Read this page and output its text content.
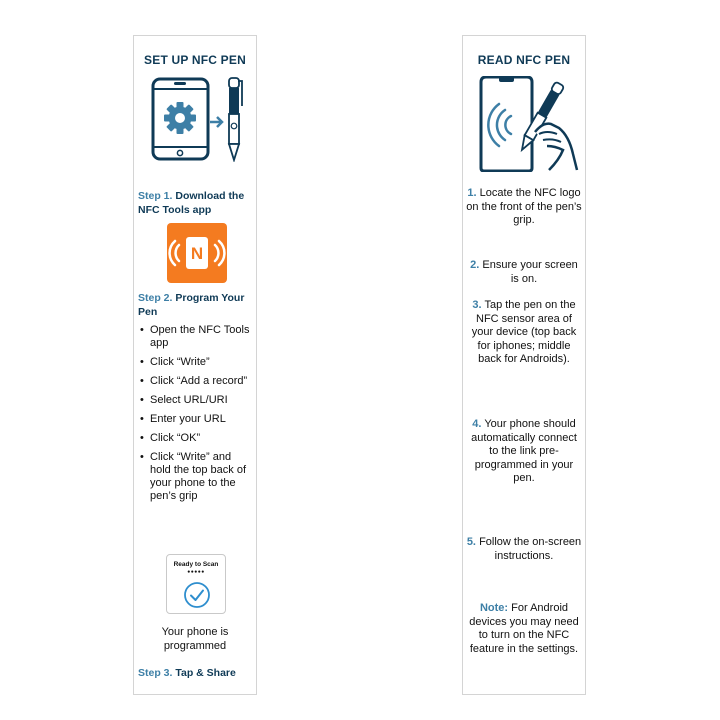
SET UP NFC PEN
Step 1. Download the NFC Tools app
N
Step 2. Program Your Pen
• Open the NFC Tools app
• Click “Write”
• Click “Add a record”
• Select URL/URI
• Enter your URL
• Click “OK”
• Click “Write” and hold the top back of your phone to the pen’s grip
Ready to Scan
●●●●●
Your phone is programmed
Step 3. Tap & Share
READ NFC PEN
1. Locate the NFC logo on the front of the pen’s grip.
2. Ensure your screen is on.
3. Tap the pen on the NFC sensor area of your device (top back for iphones; middle back for Androids).
4. Your phone should automatically connect to the link pre-programmed in your pen.
5. Follow the on-screen instructions.
Note: For Android devices you may need to turn on the NFC feature in the settings.
